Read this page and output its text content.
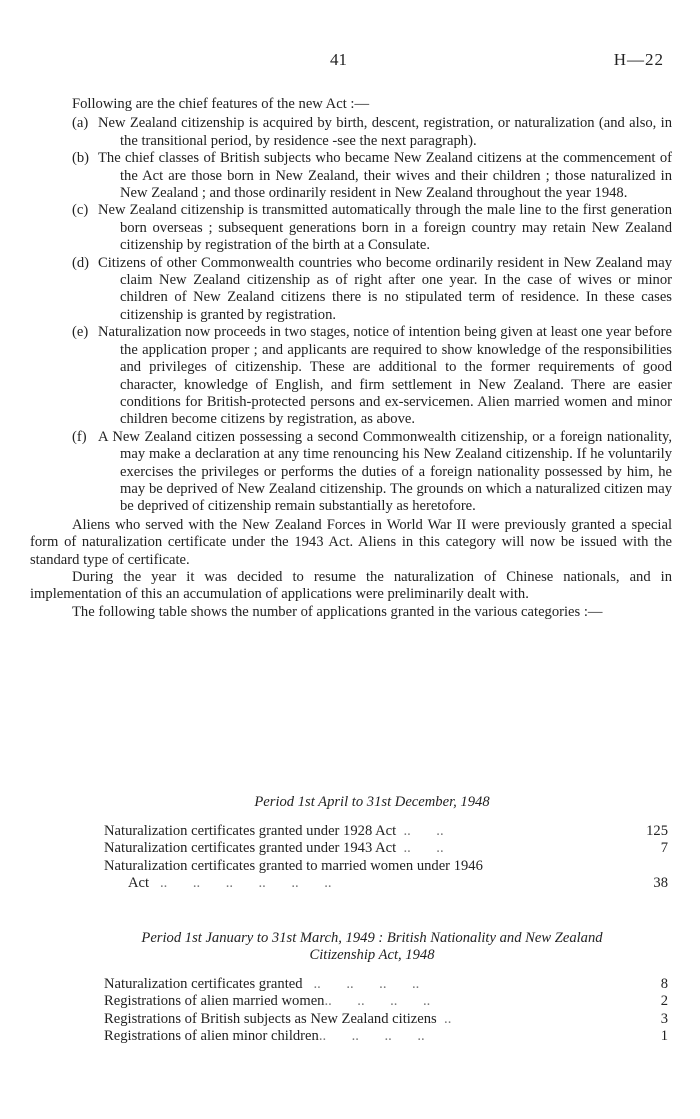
41	H—22

Following are the chief features of the new Act :—

(a) New Zealand citizenship is acquired by birth, descent, registration, or naturalization (and also, in the transitional period, by residence -see the next paragraph).

(b) The chief classes of British subjects who became New Zealand citizens at the commencement of the Act are those born in New Zealand, their wives and their children ; those naturalized in New Zealand ; and those ordinarily resident in New Zealand throughout the year 1948.

(c) New Zealand citizenship is transmitted automatically through the male line to the first generation born overseas ; subsequent generations born in a foreign country may retain New Zealand citizenship by registration of the birth at a Consulate.

(d) Citizens of other Commonwealth countries who become ordinarily resident in New Zealand may claim New Zealand citizenship as of right after one year. In the case of wives or minor children of New Zealand citizens there is no stipulated term of residence. In these cases citizenship is granted by registration.

(e) Naturalization now proceeds in two stages, notice of intention being given at least one year before the application proper ; and applicants are required to show knowledge of the responsibilities and privileges of citizenship. These are additional to the former requirements of good character, knowledge of English, and firm settlement in New Zealand. There are easier conditions for British-protected persons and ex-servicemen. Alien married women and minor children become citizens by registration, as above.

(f) A New Zealand citizen possessing a second Commonwealth citizenship, or a foreign nationality, may make a declaration at any time renouncing his New Zealand citizenship. If he voluntarily exercises the privileges or performs the duties of a foreign nationality possessed by him, he may be deprived of New Zealand citizenship. The grounds on which a naturalized citizen may be deprived of citizenship remain substantially as heretofore.

Aliens who served with the New Zealand Forces in World War II were previously granted a special form of naturalization certificate under the 1943 Act. Aliens in this category will now be issued with the standard type of certificate.

During the year it was decided to resume the naturalization of Chinese nationals, and in implementation of this an accumulation of applications were preliminarily dealt with.

The following table shows the number of applications granted in the various categories :—

Period 1st April to 31st December, 1948

Naturalization certificates granted under 1928 Act  ..       ..	125
Naturalization certificates granted under 1943 Act  ..       ..	7
Naturalization certificates granted to married women under 1946
Act   ..       ..       ..       ..       ..       ..	38

Period 1st January to 31st March, 1949 : British Nationality and New Zealand Citizenship Act, 1948

Naturalization certificates granted   ..       ..       ..       ..	8
Registrations of alien married women..       ..       ..       ..	2
Registrations of British subjects as New Zealand citizens  ..	3
Registrations of alien minor children..       ..       ..       ..	1
